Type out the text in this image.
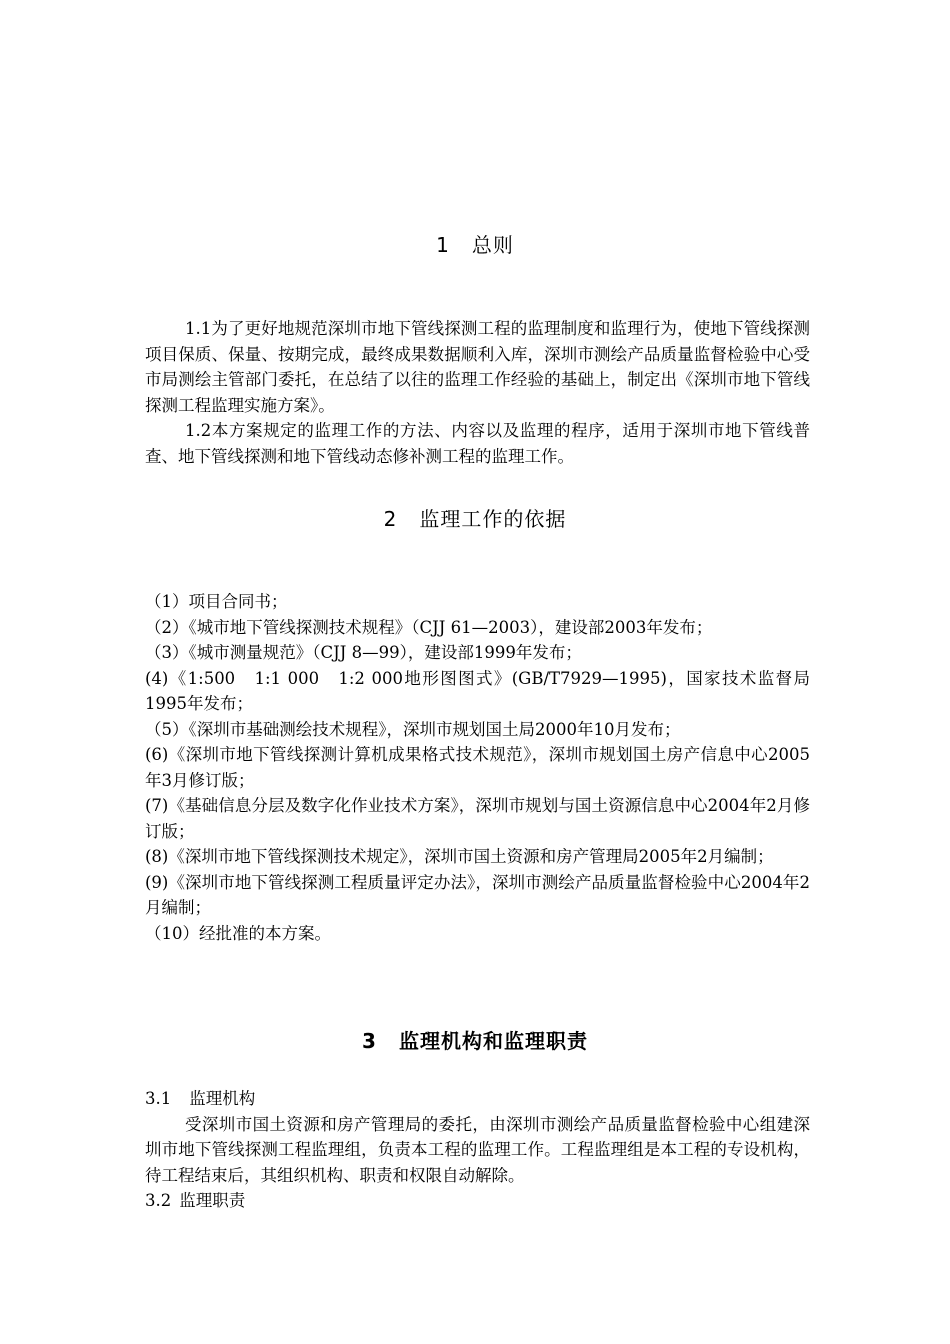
1 总则

1.1为了更好地规范深圳市地下管线探测工程的监理制度和监理行为，使地下管线探测项目保质、保量、按期完成，最终成果数据顺利入库，深圳市测绘产品质量监督检验中心受市局测绘主管部门委托，在总结了以往的监理工作经验的基础上，制定出《深圳市地下管线探测工程监理实施方案》。

1.2本方案规定的监理工作的方法、内容以及监理的程序，适用于深圳市地下管线普查、地下管线探测和地下管线动态修补测工程的监理工作。

2 监理工作的依据

（1）项目合同书；

（2）《城市地下管线探测技术规程》（CJJ 61—2003），建设部2003年发布；

（3）《城市测量规范》（CJJ 8—99），建设部1999年发布；

(4)《1:500　1:1 000　1:2 000地形图图式》(GB/T7929—1995)，国家技术监督局1995年发布；

（5）《深圳市基础测绘技术规程》，深圳市规划国土局2000年10月发布；

(6)《深圳市地下管线探测计算机成果格式技术规范》，深圳市规划国土房产信息中心2005年3月修订版；

(7)《基础信息分层及数字化作业技术方案》，深圳市规划与国土资源信息中心2004年2月修订版；

(8)《深圳市地下管线探测技术规定》，深圳市国土资源和房产管理局2005年2月编制；

(9)《深圳市地下管线探测工程质量评定办法》，深圳市测绘产品质量监督检验中心2004年2月编制；

（10）经批准的本方案。

3 监理机构和监理职责

3.1 监理机构

受深圳市国土资源和房产管理局的委托，由深圳市测绘产品质量监督检验中心组建深圳市地下管线探测工程监理组，负责本工程的监理工作。工程监理组是本工程的专设机构，待工程结束后，其组织机构、职责和权限自动解除。

3.2 监理职责
